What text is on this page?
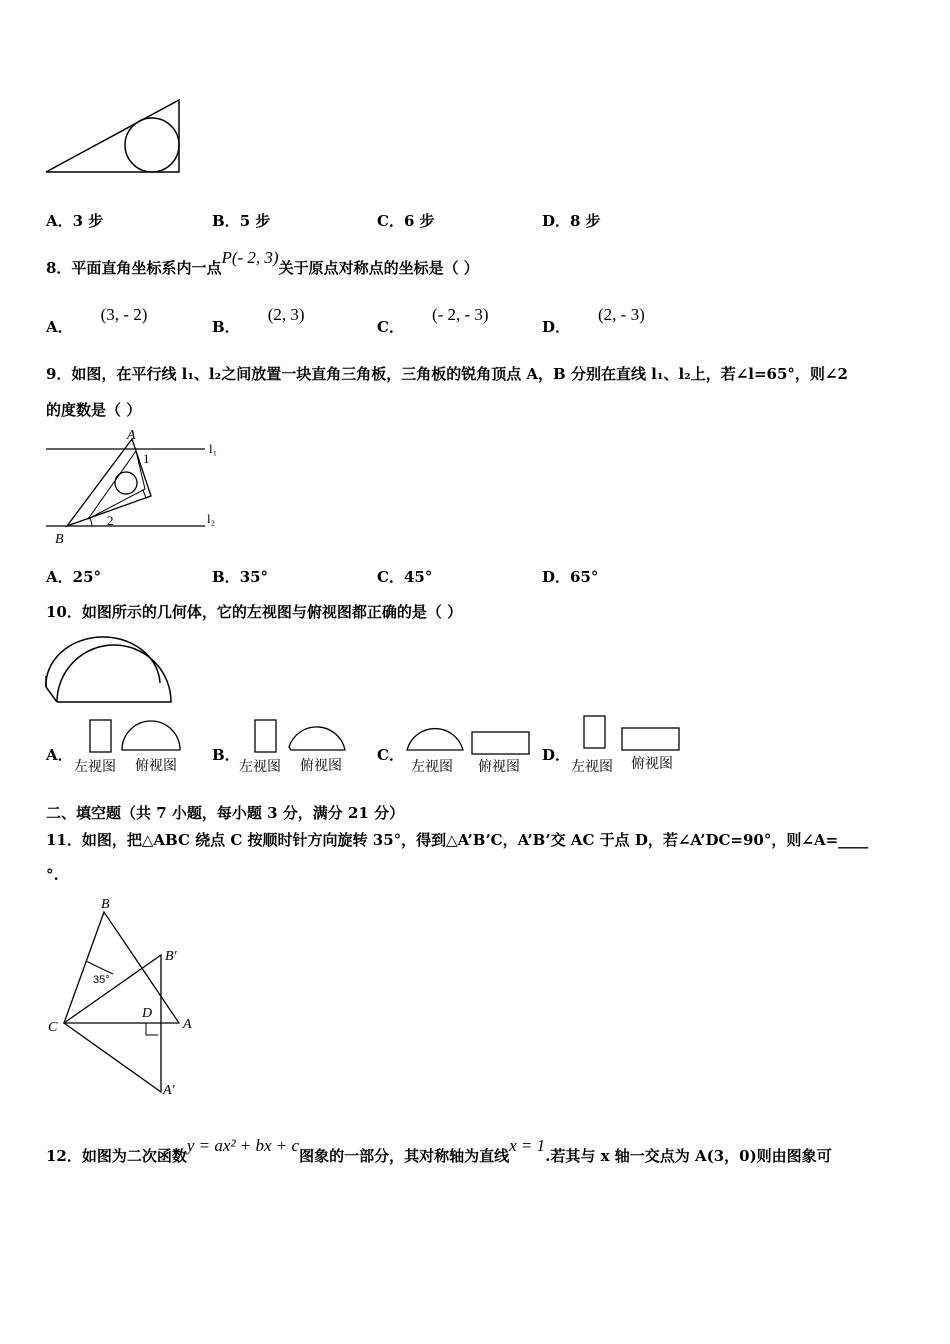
A．3 步	B．5 步	C．6 步	D．8 步
8．平面直角坐标系内一点P(- 2, 3)关于原点对称点的坐标是（ ）
A．(3, - 2)
B．(2, 3)
C．(- 2, - 3)
D．(2, - 3)
9．如图，在平行线 l₁、l₂之间放置一块直角三角板，三角板的锐角顶点 A，B 分别在直线 l₁、l₂上，若∠l=65°，则∠2
的度数是（ ）
A
B
1
2
l₁
l₂
A．25°	B．35°	C．45°	D．65°
10．如图所示的几何体，它的左视图与俯视图都正确的是（ ）
A．	B．	C．	D．
左视图 俯视图	左视图 俯视图	左视图 俯视图	左视图 俯视图
二、填空题（共 7 小题，每小题 3 分，满分 21 分）
11．如图，把△ABC 绕点 C 按顺时针方向旋转 35°，得到△A’B’C，A’B’交 AC 于点 D，若∠A’DC=90°，则∠A=____
°.
B
B′
C
D
A
A′
35°
12．如图为二次函数y = ax² + bx + c图象的一部分，其对称轴为直线x = 1.若其与 x 轴一交点为 A(3，0)则由图象可
